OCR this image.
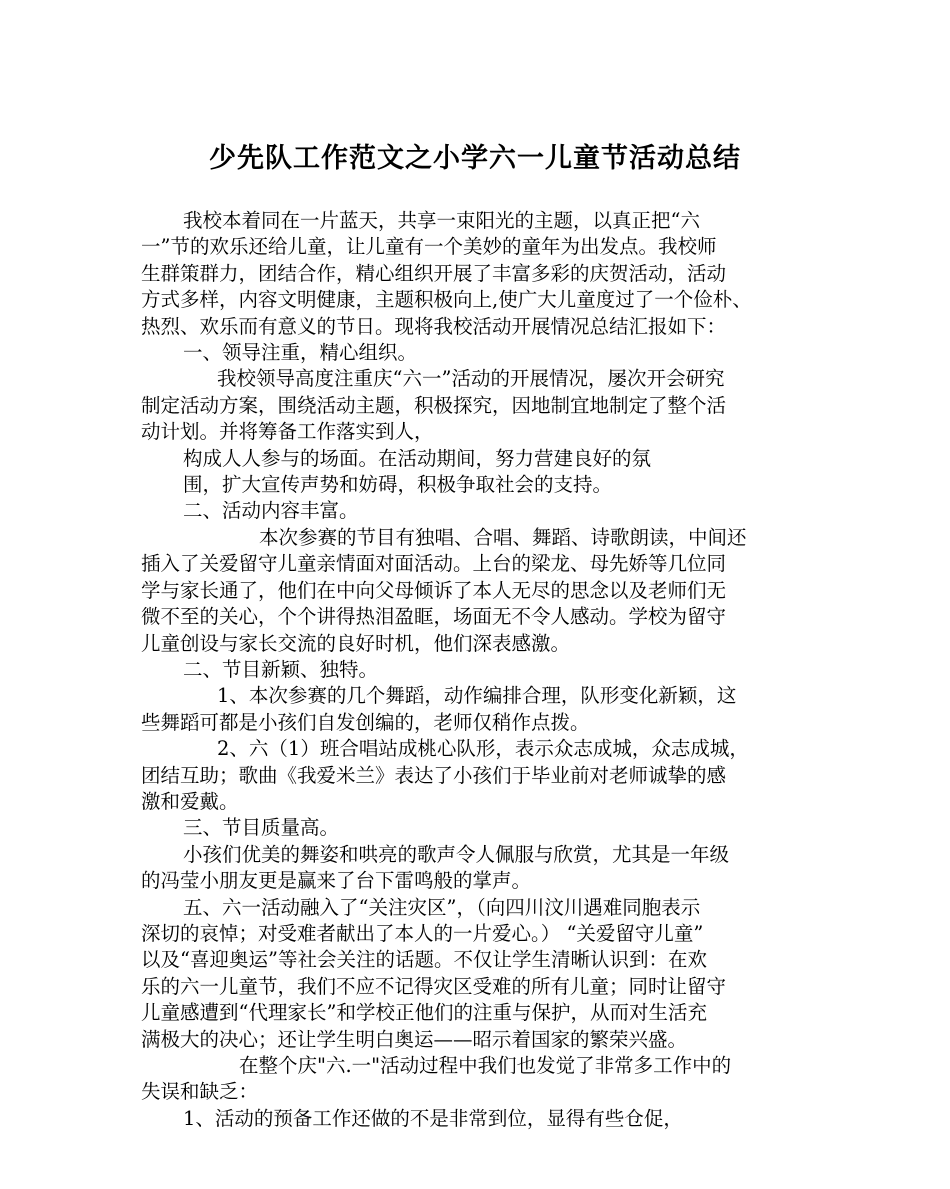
少先队工作范文之小学六一儿童节活动总结

我校本着同在一片蓝天，共享一束阳光的主题，以真正把“六

一”节的欢乐还给儿童，让儿童有一个美妙的童年为出发点。我校师

生群策群力，团结合作，精心组织开展了丰富多彩的庆贺活动，活动

方式多样，内容文明健康，主题积极向上,使广大儿童度过了一个俭朴、

热烈、欢乐而有意义的节日。现将我校活动开展情况总结汇报如下：

一、领导注重，精心组织。

我校领导高度注重庆“六一”活动的开展情况，屡次开会研究

制定活动方案，围绕活动主题，积极探究，因地制宜地制定了整个活

动计划。并将筹备工作落实到人，

构成人人参与的场面。在活动期间，努力营建良好的氛

围，扩大宣传声势和妨碍，积极争取社会的支持。

二、活动内容丰富。

本次参赛的节目有独唱、合唱、舞蹈、诗歌朗读，中间还

插入了关爱留守儿童亲情面对面活动。上台的梁龙、母先娇等几位同

学与家长通了，他们在中向父母倾诉了本人无尽的思念以及老师们无

微不至的关心，个个讲得热泪盈眶，场面无不令人感动。学校为留守

儿童创设与家长交流的良好时机，他们深表感激。

二、节目新颖、独特。

1、本次参赛的几个舞蹈，动作编排合理，队形变化新颖，这

些舞蹈可都是小孩们自发创编的，老师仅稍作点拨。

2、六（1）班合唱站成桃心队形，表示众志成城，众志成城，

团结互助；歌曲《我爱米兰》表达了小孩们于毕业前对老师诚挚的感

激和爱戴。

三、节目质量高。

小孩们优美的舞姿和哄亮的歌声令人佩服与欣赏，尤其是一年级

的冯莹小朋友更是赢来了台下雷鸣般的掌声。

五、六一活动融入了“关注灾区”，（向四川汶川遇难同胞表示

深切的哀悼；对受难者献出了本人的一片爱心。） “关爱留守儿童”

以及“喜迎奥运”等社会关注的话题。不仅让学生清晰认识到：在欢

乐的六一儿童节，我们不应不记得灾区受难的所有儿童；同时让留守

儿童感遭到“代理家长”和学校正他们的注重与保护，从而对生活充

满极大的决心；还让学生明白奥运——昭示着国家的繁荣兴盛。

在整个庆"六.一"活动过程中我们也发觉了非常多工作中的

失误和缺乏：

1、活动的预备工作还做的不是非常到位，显得有些仓促，
